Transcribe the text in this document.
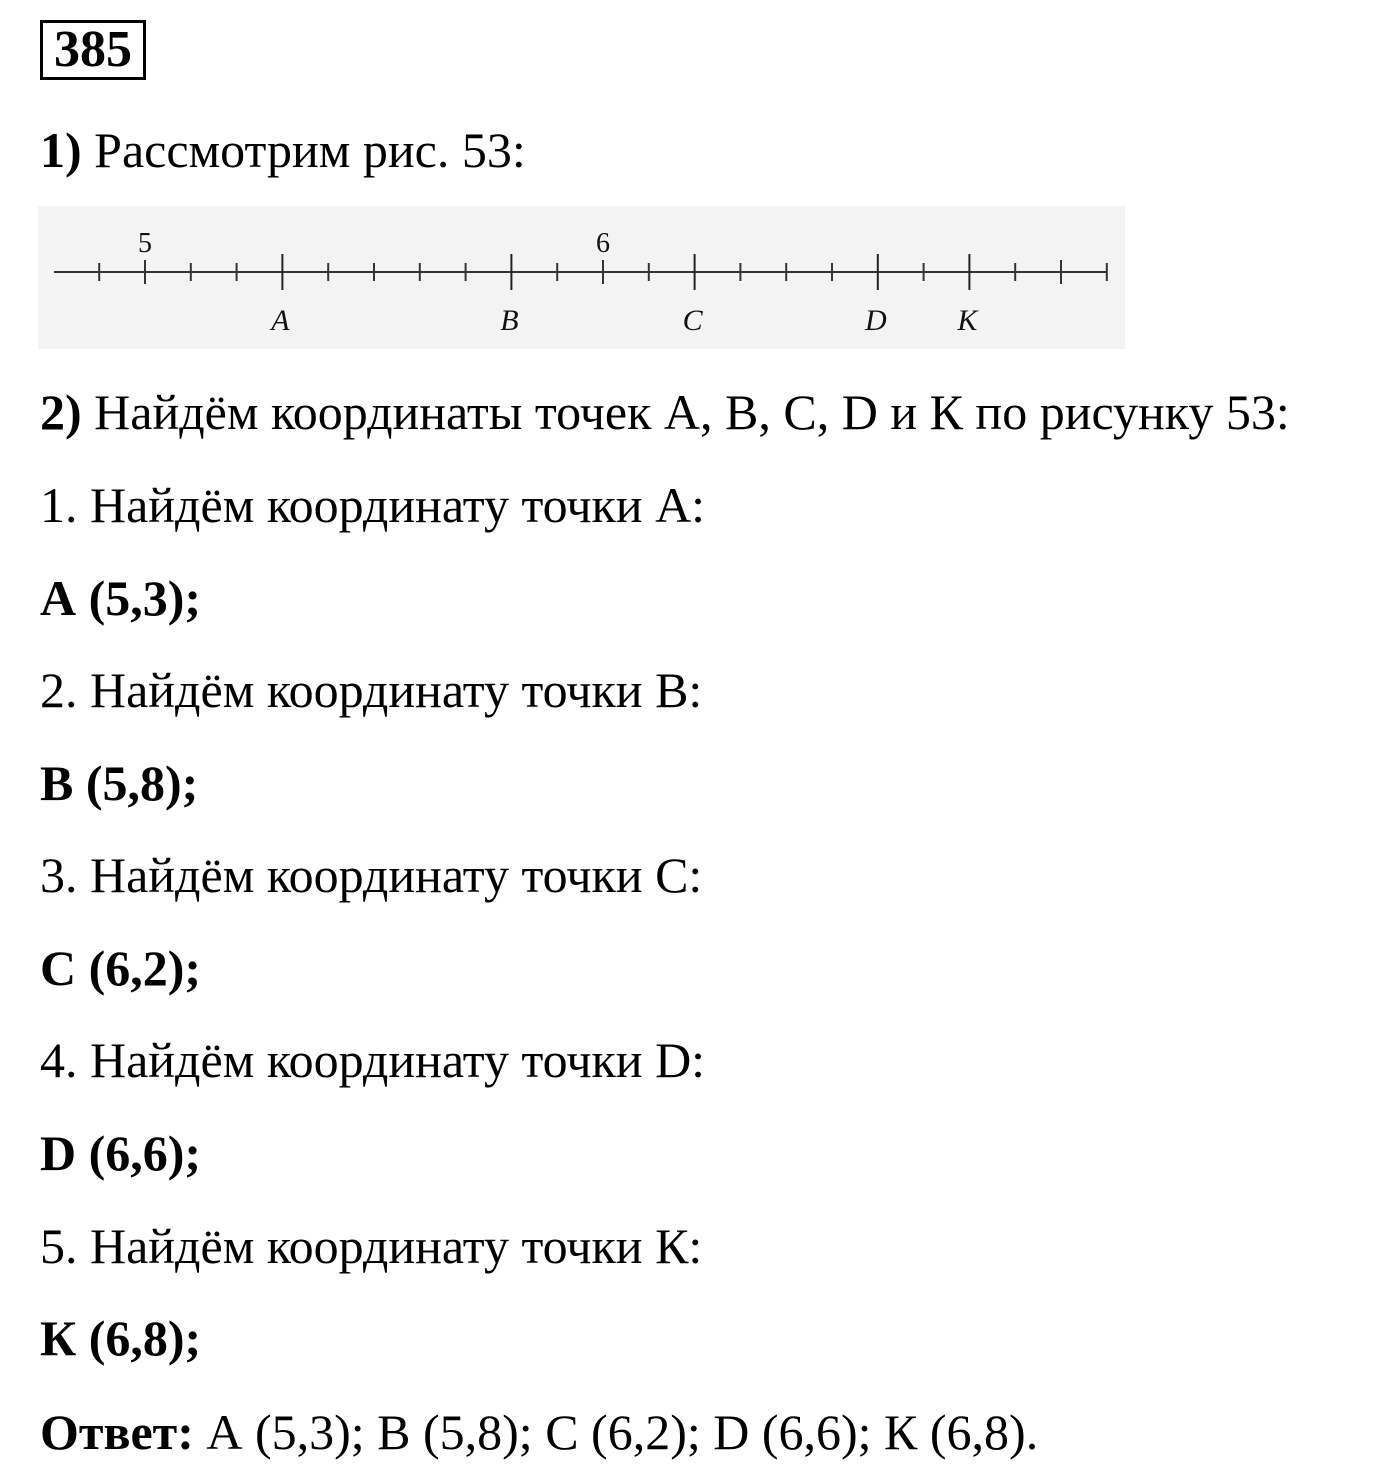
385
1) Рассмотрим рис. 53:
5	6
A	B	C	D K
2) Найдём координаты точек А, В, С, D и К по рисунку 53:
1. Найдём координату точки А:
А (5,3);
2. Найдём координату точки В:
В (5,8);
3. Найдём координату точки С:
С (6,2);
4. Найдём координату точки D:
D (6,6);
5. Найдём координату точки К:
К (6,8);
Ответ: А (5,3); В (5,8); С (6,2); D (6,6); К (6,8).
